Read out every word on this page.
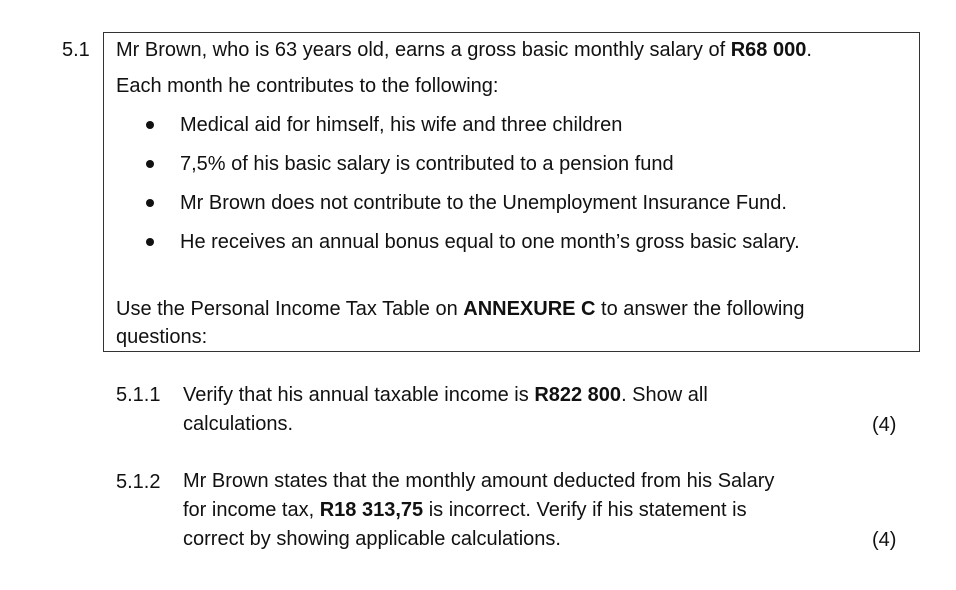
5.1 Mr Brown, who is 63 years old, earns a gross basic monthly salary of R68 000.
Each month he contributes to the following:
Medical aid for himself, his wife and three children
7,5% of his basic salary is contributed to a pension fund
Mr Brown does not contribute to the Unemployment Insurance Fund.
He receives an annual bonus equal to one month’s gross basic salary.
Use the Personal Income Tax Table on ANNEXURE C to answer the following
questions:
5.1.1 Verify that his annual taxable income is R822 800. Show all
calculations.	(4)
5.1.2 Mr Brown states that the monthly amount deducted from his Salary
for income tax, R18 313,75 is incorrect. Verify if his statement is
correct by showing applicable calculations.	(4)
